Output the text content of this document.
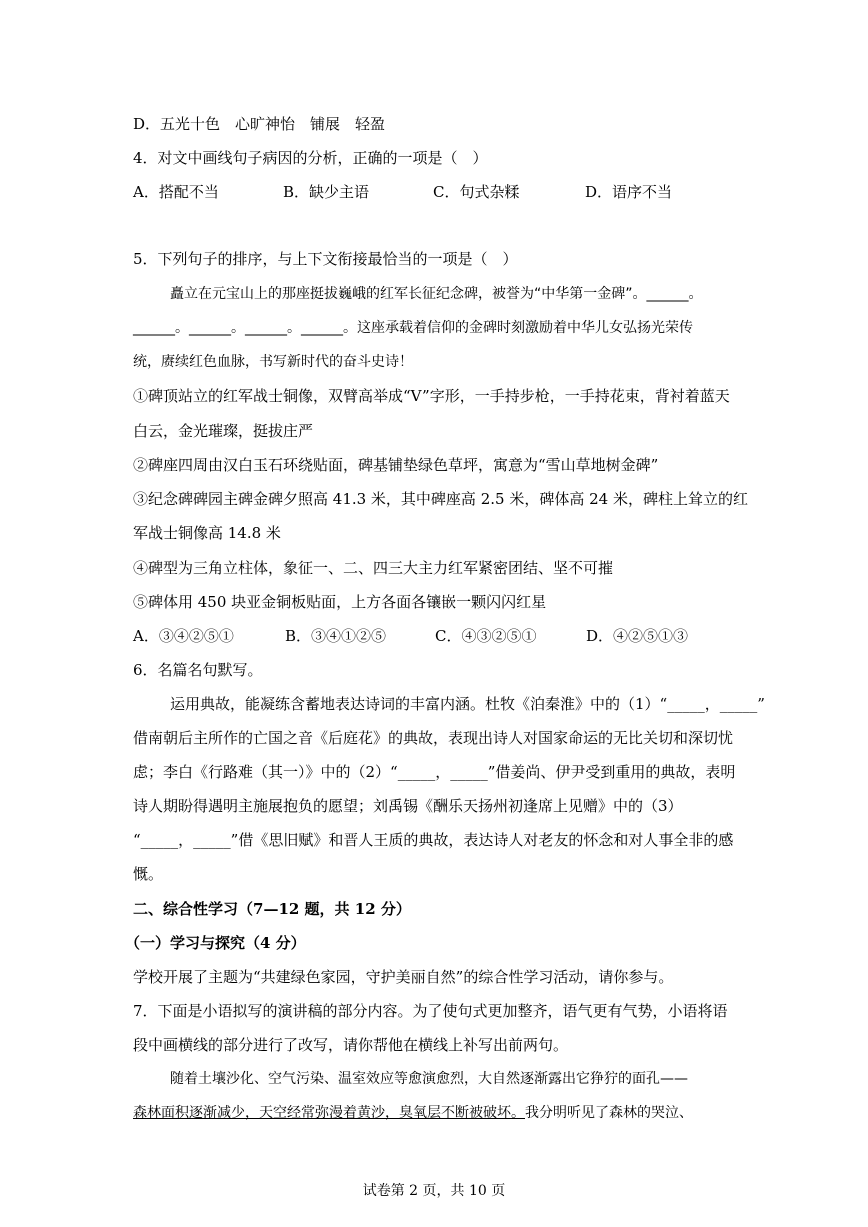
D．五光十色　心旷神怡　铺展　轻盈
4．对文中画线句子病因的分析，正确的一项是（　）
A．搭配不当	B．缺少主语	C．句式杂糅	D．语序不当
5．下列句子的排序，与上下文衔接最恰当的一项是（　）
矗立在元宝山上的那座挺拔巍峨的红军长征纪念碑，被誉为“中华第一金碑”。______。
______。______。______。______。这座承载着信仰的金碑时刻激励着中华儿女弘扬光荣传
统，赓续红色血脉，书写新时代的奋斗史诗！
①碑顶站立的红军战士铜像，双臂高举成“V”字形，一手持步枪，一手持花束，背衬着蓝天
白云，金光璀璨，挺拔庄严
②碑座四周由汉白玉石环绕贴面，碑基铺垫绿色草坪，寓意为“雪山草地树金碑”
③纪念碑碑园主碑金碑夕照高 41.3 米，其中碑座高 2.5 米，碑体高 24 米，碑柱上耸立的红
军战士铜像高 14.8 米
④碑型为三角立柱体，象征一、二、四三大主力红军紧密团结、坚不可摧
⑤碑体用 450 块亚金铜板贴面，上方各面各镶嵌一颗闪闪红星
A．③④②⑤①	B．③④①②⑤	C．④③②⑤①	D．④②⑤①③
6．名篇名句默写。
运用典故，能凝练含蓄地表达诗词的丰富内涵。杜牧《泊秦淮》中的（1）“_____，_____”
借南朝后主所作的亡国之音《后庭花》的典故，表现出诗人对国家命运的无比关切和深切忧
虑；李白《行路难（其一）》中的（2）“_____，_____”借姜尚、伊尹受到重用的典故，表明
诗人期盼得遇明主施展抱负的愿望；刘禹锡《酬乐天扬州初逢席上见赠》中的（3）
“_____，_____”借《思旧赋》和晋人王质的典故，表达诗人对老友的怀念和对人事全非的感
慨。
二、综合性学习（7—12 题，共 12 分）
（一）学习与探究（4 分）
学校开展了主题为“共建绿色家园，守护美丽自然”的综合性学习活动，请你参与。
7．下面是小语拟写的演讲稿的部分内容。为了使句式更加整齐，语气更有气势，小语将语
段中画横线的部分进行了改写，请你帮他在横线上补写出前两句。
随着土壤沙化、空气污染、温室效应等愈演愈烈，大自然逐渐露出它狰狞的面孔——
森林面积逐渐减少，天空经常弥漫着黄沙，臭氧层不断被破坏。我分明听见了森林的哭泣、
试卷第 2 页，共 10 页
